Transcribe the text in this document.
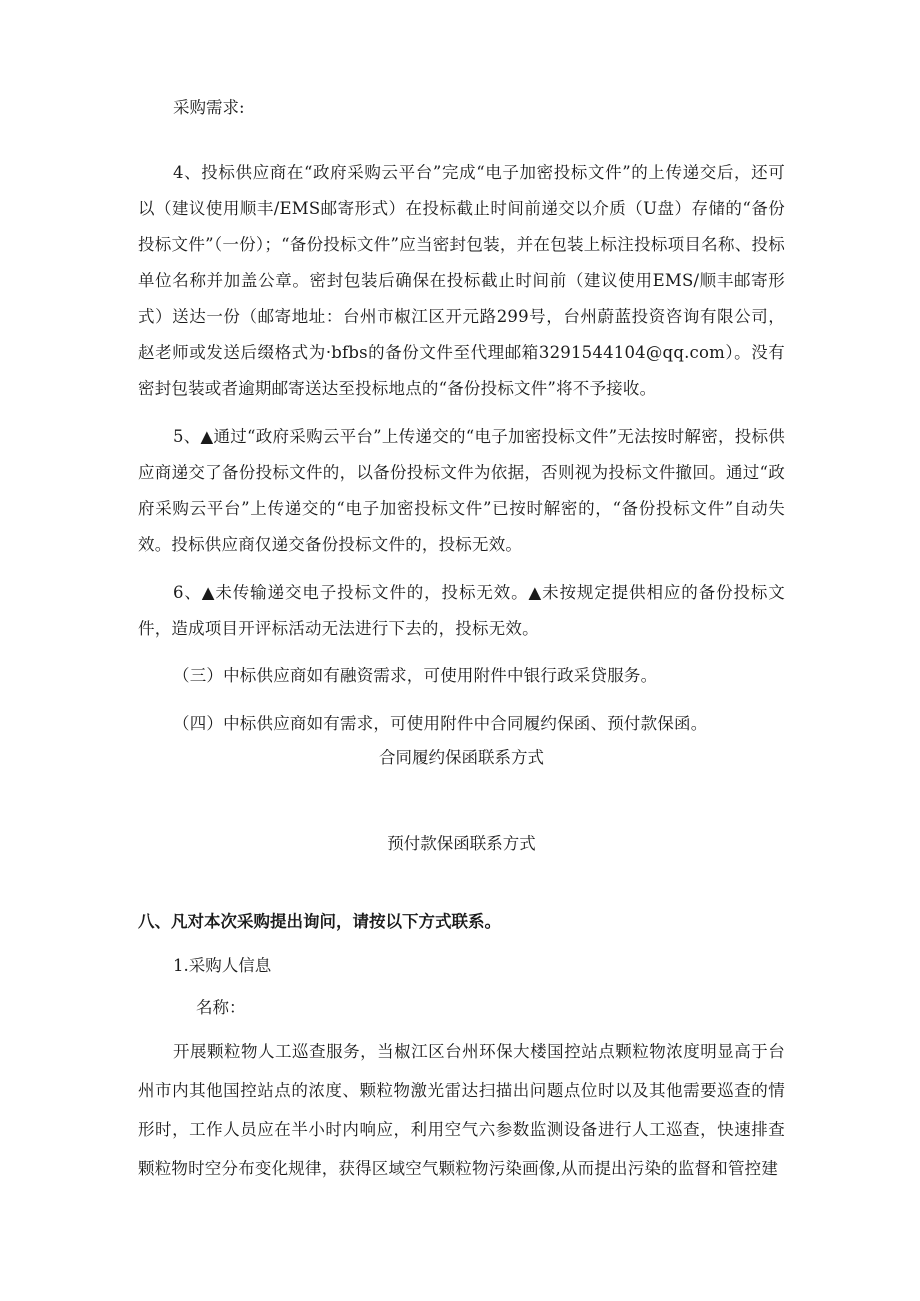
采购需求:
4、投标供应商在“政府采购云平台”完成“电子加密投标文件”的上传递交后，还可以（建议使用顺丰/EMS邮寄形式）在投标截止时间前递交以介质（U盘）存储的“备份投标文件”（一份）；“备份投标文件”应当密封包装，并在包装上标注投标项目名称、投标单位名称并加盖公章。密封包装后确保在投标截止时间前（建议使用EMS/顺丰邮寄形式）送达一份（邮寄地址：台州市椒江区开元路299号，台州蔚蓝投资咨询有限公司，赵老师或发送后缀格式为·bfbs的备份文件至代理邮箱3291544104@qq.com）。没有密封包装或者逾期邮寄送达至投标地点的“备份投标文件”将不予接收。
5、▲通过“政府采购云平台”上传递交的“电子加密投标文件”无法按时解密，投标供应商递交了备份投标文件的，以备份投标文件为依据，否则视为投标文件撤回。通过“政府采购云平台”上传递交的“电子加密投标文件”已按时解密的，“备份投标文件”自动失效。投标供应商仅递交备份投标文件的，投标无效。
6、▲未传输递交电子投标文件的，投标无效。▲未按规定提供相应的备份投标文件，造成项目开评标活动无法进行下去的，投标无效。
（三）中标供应商如有融资需求，可使用附件中银行政采贷服务。
（四）中标供应商如有需求，可使用附件中合同履约保函、预付款保函。
合同履约保函联系方式
预付款保函联系方式
八、凡对本次采购提出询问，请按以下方式联系。
1.采购人信息
名称：
开展颗粒物人工巡查服务，当椒江区台州环保大楼国控站点颗粒物浓度明显高于台州市内其他国控站点的浓度、颗粒物激光雷达扫描出问题点位时以及其他需要巡查的情形时，工作人员应在半小时内响应，利用空气六参数监测设备进行人工巡查，快速排查颗粒物时空分布变化规律，获得区域空气颗粒物污染画像,从而提出污染的监督和管控建
